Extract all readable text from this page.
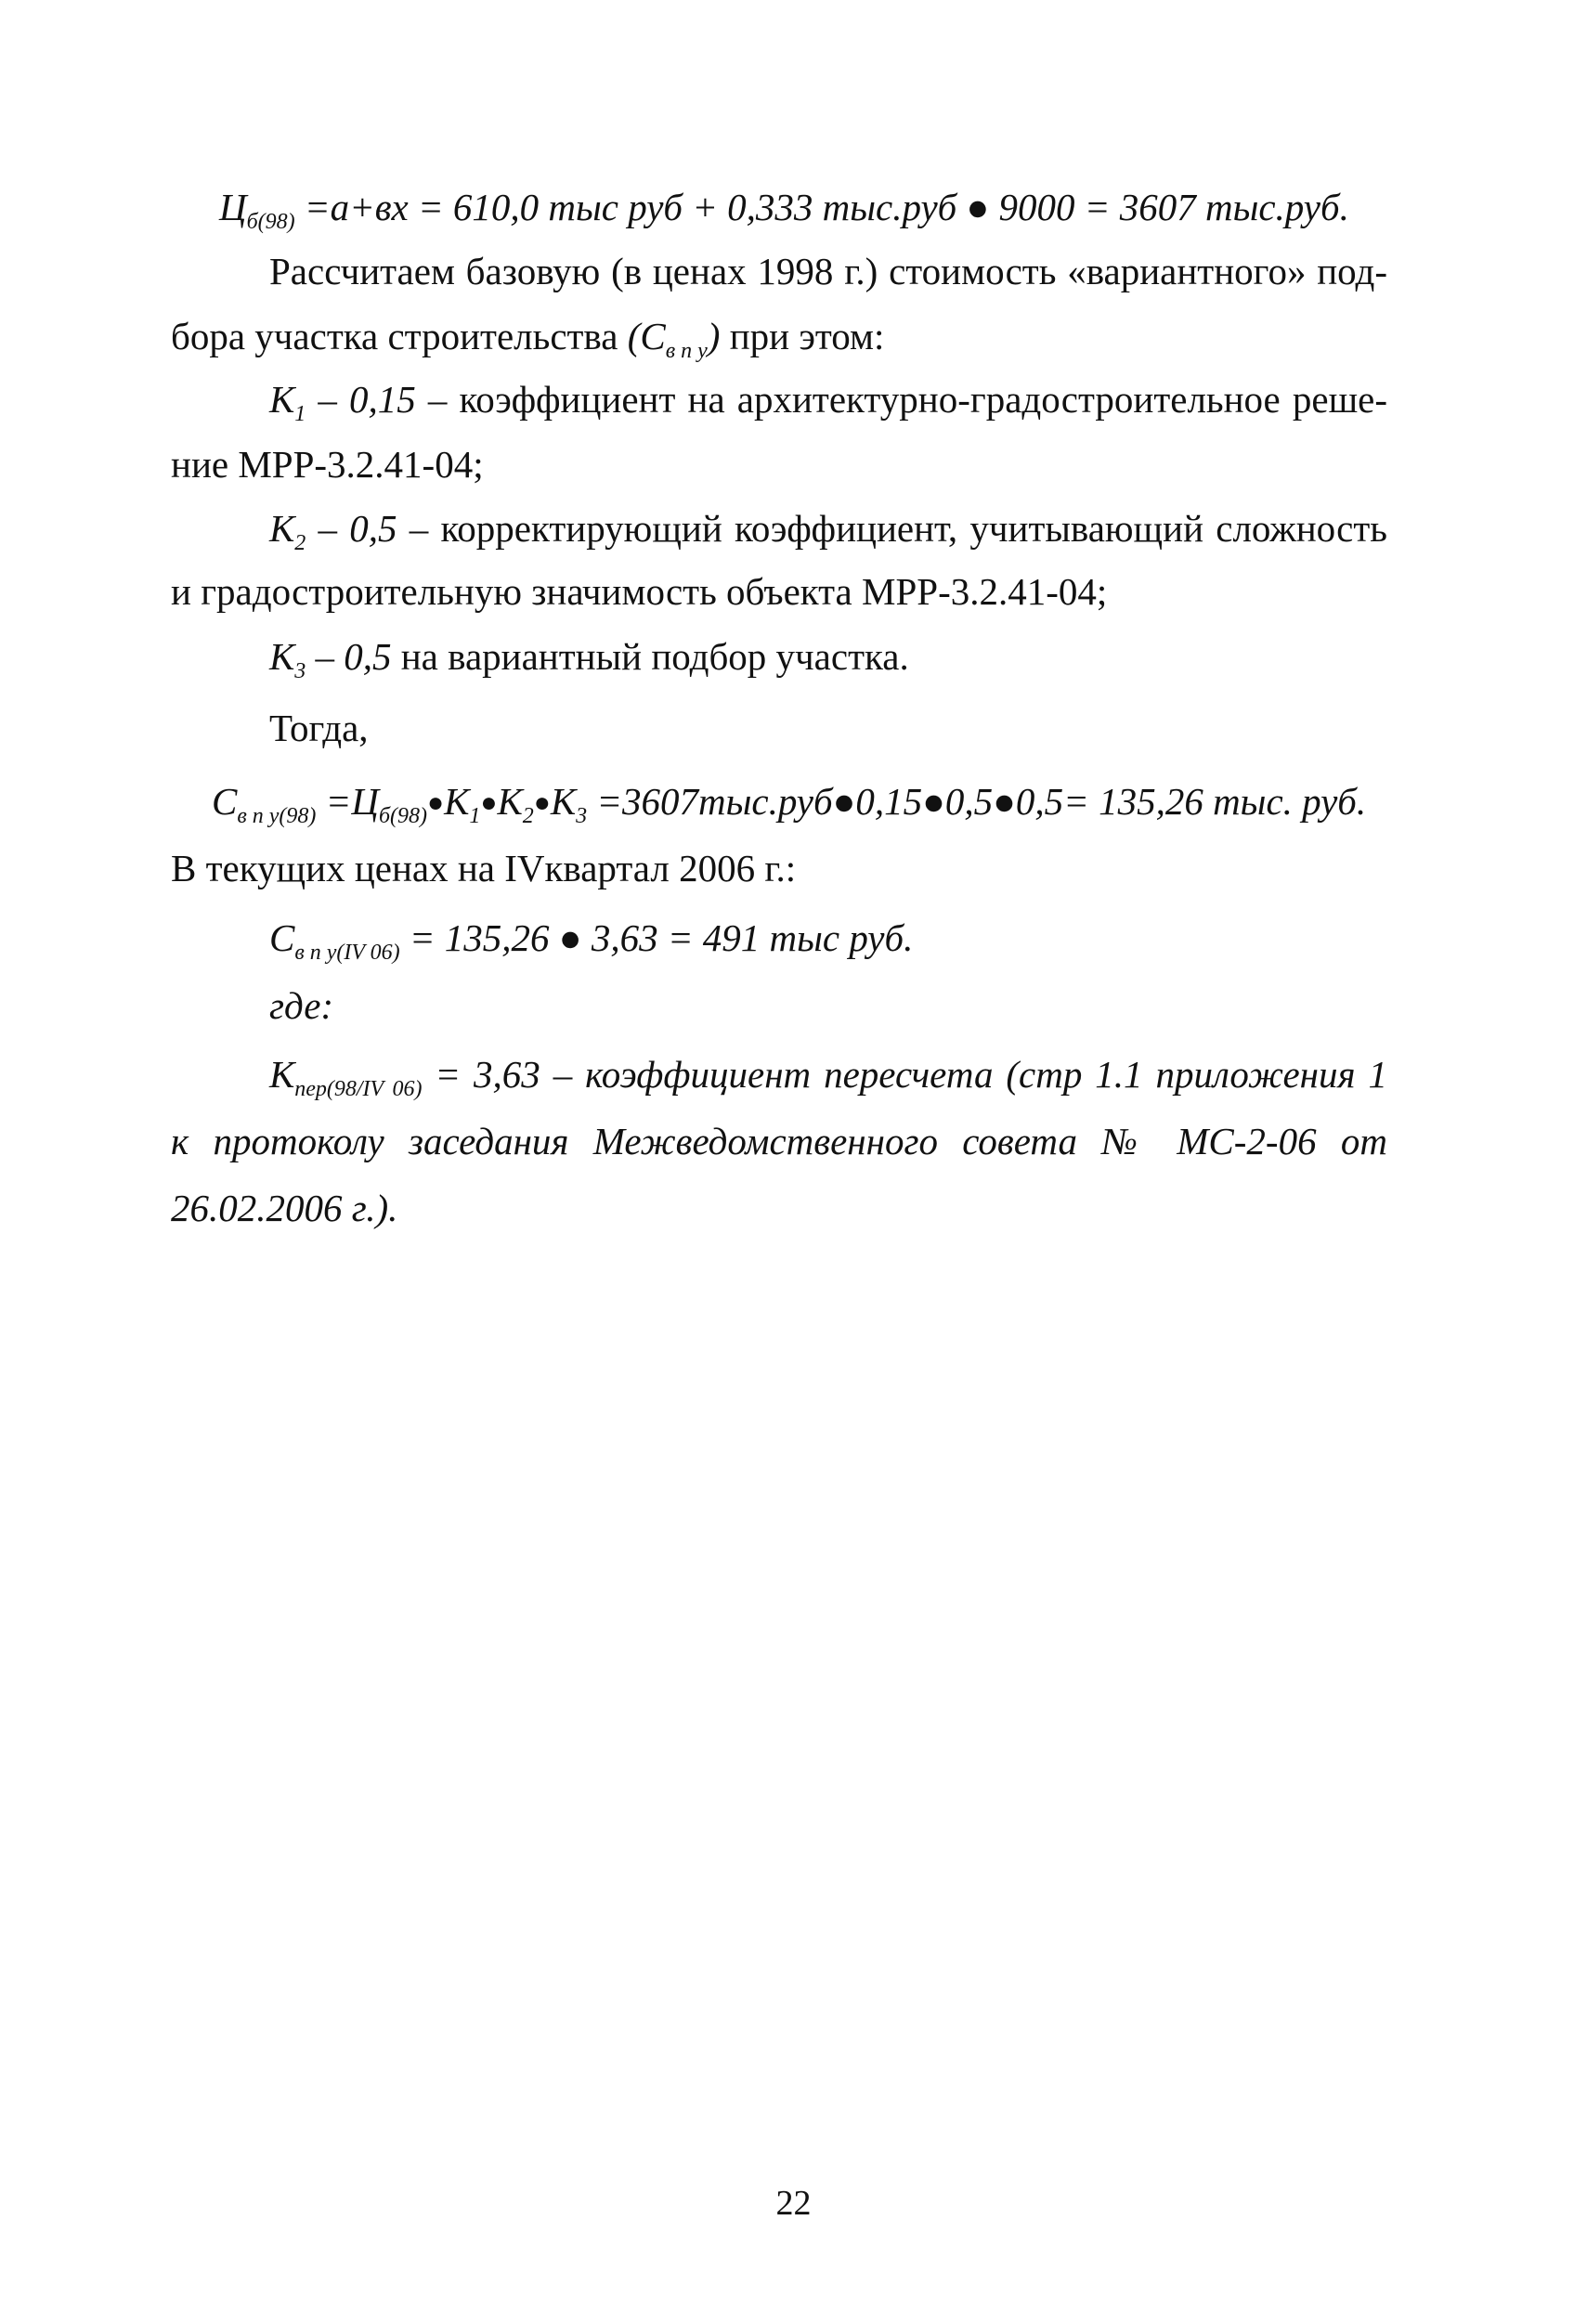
$Ц_{б(98)} =a+вх = 610,0$ тыс руб + 0,333 тыс.руб ● 9000 = 3607 тыс.руб.
Рассчитаем базовую (в ценах 1998 г.) стоимость «вариантного» под-
бора участка строительства $(С_{в п у})$ при этом:
$К_1 - 0,15$ – коэффициент на архитектурно-градостроительное реше-
ние МРР-3.2.41-04;
$К_2 - 0,5$ – корректирующий коэффициент, учитывающий сложность
и градостроительную значимость объекта МРР-3.2.41-04;
$К_3 - 0,5$ на вариантный подбор участка.
Тогда,
$С_{в п у(98)}$ $=Ц_{б(98)}●К_1●К_2●К_3$ =3607тыс.руб●0,15●0,5●0,5= 135,26 тыс. руб.
В текущих ценах на IVквартал 2006 г.:
$С_{в п у(IV 06)} = 135,26$ ● 3,63 = 491 тыс руб.
где:
$К_{пер(98/IV 06)} = 3,63$ – коэффициент пересчета (стр 1.1 приложения 1
к протоколу заседания Межведомственного совета № МС-2-06 от
26.02.2006 г.).
22
